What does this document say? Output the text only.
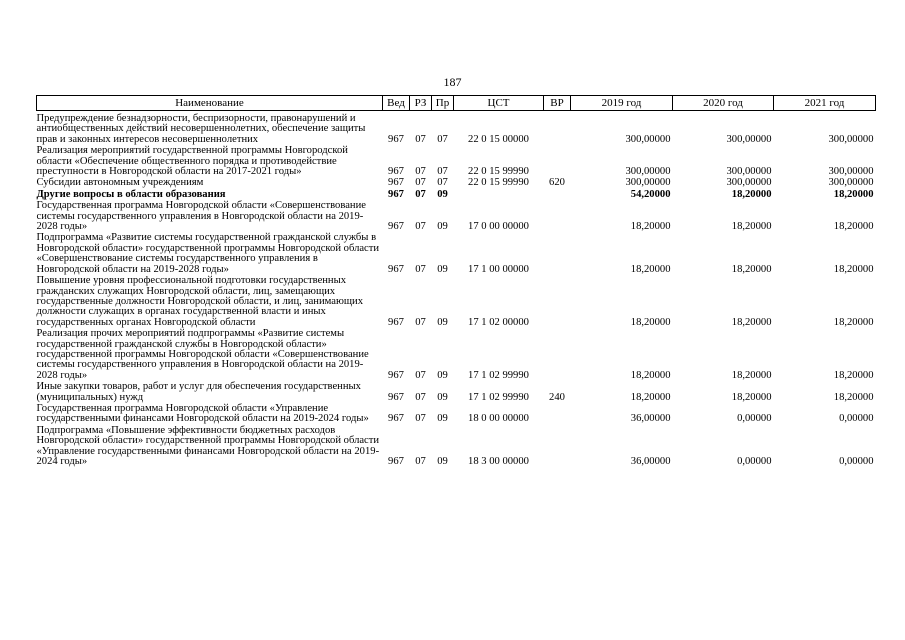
187
Наименование	Вед	РЗ	Пр	ЦСТ	ВР	2019 год	2020 год	2021 год
Предупреждение безнадзорности, беспризорности, правонарушений и антиобщественных действий несовершеннолетних, обеспечение защиты прав и законных интересов несовершеннолетних	967	07	07	22 0 15 00000		300,00000	300,00000	300,00000
Реализация мероприятий государственной программы Новгородской области «Обеспечение общественного порядка и противодействие преступности в Новгородской области на 2017-2021 годы»	967	07	07	22 0 15 99990		300,00000	300,00000	300,00000
Субсидии автономным учреждениям	967	07	07	22 0 15 99990	620	300,00000	300,00000	300,00000
Другие вопросы в области образования	967	07	09			54,20000	18,20000	18,20000
Государственная программа Новгородской области «Совершенствование системы государственного управления в Новгородской области на 2019-2028 годы»	967	07	09	17 0 00 00000		18,20000	18,20000	18,20000
Подпрограмма «Развитие системы государственной гражданской службы в Новгородской области» государственной программы Новгородской области «Совершенствование системы государственного управления в Новгородской области на 2019-2028 годы»	967	07	09	17 1 00 00000		18,20000	18,20000	18,20000
Повышение уровня профессиональной подготовки государственных гражданских служащих Новгородской области, лиц, замещающих государственные должности Новгородской области, и лиц, занимающих должности служащих в органах государственной власти и иных государственных органах Новгородской области	967	07	09	17 1 02 00000		18,20000	18,20000	18,20000
Реализация прочих мероприятий подпрограммы «Развитие системы государственной гражданской службы в Новгородской области» государственной программы Новгородской области «Совершенствование системы государственного управления в Новгородской области на 2019-2028 годы»	967	07	09	17 1 02 99990		18,20000	18,20000	18,20000
Иные закупки товаров, работ и услуг для обеспечения государственных (муниципальных) нужд	967	07	09	17 1 02 99990	240	18,20000	18,20000	18,20000
Государственная программа Новгородской области «Управление государственными финансами Новгородской области на 2019-2024 годы»	967	07	09	18 0 00 00000		36,00000	0,00000	0,00000
Подпрограмма «Повышение эффективности бюджетных расходов Новгородской области» государственной программы Новгородской области «Управление государственными финансами Новгородской области на 2019-2024 годы»	967	07	09	18 3 00 00000		36,00000	0,00000	0,00000
